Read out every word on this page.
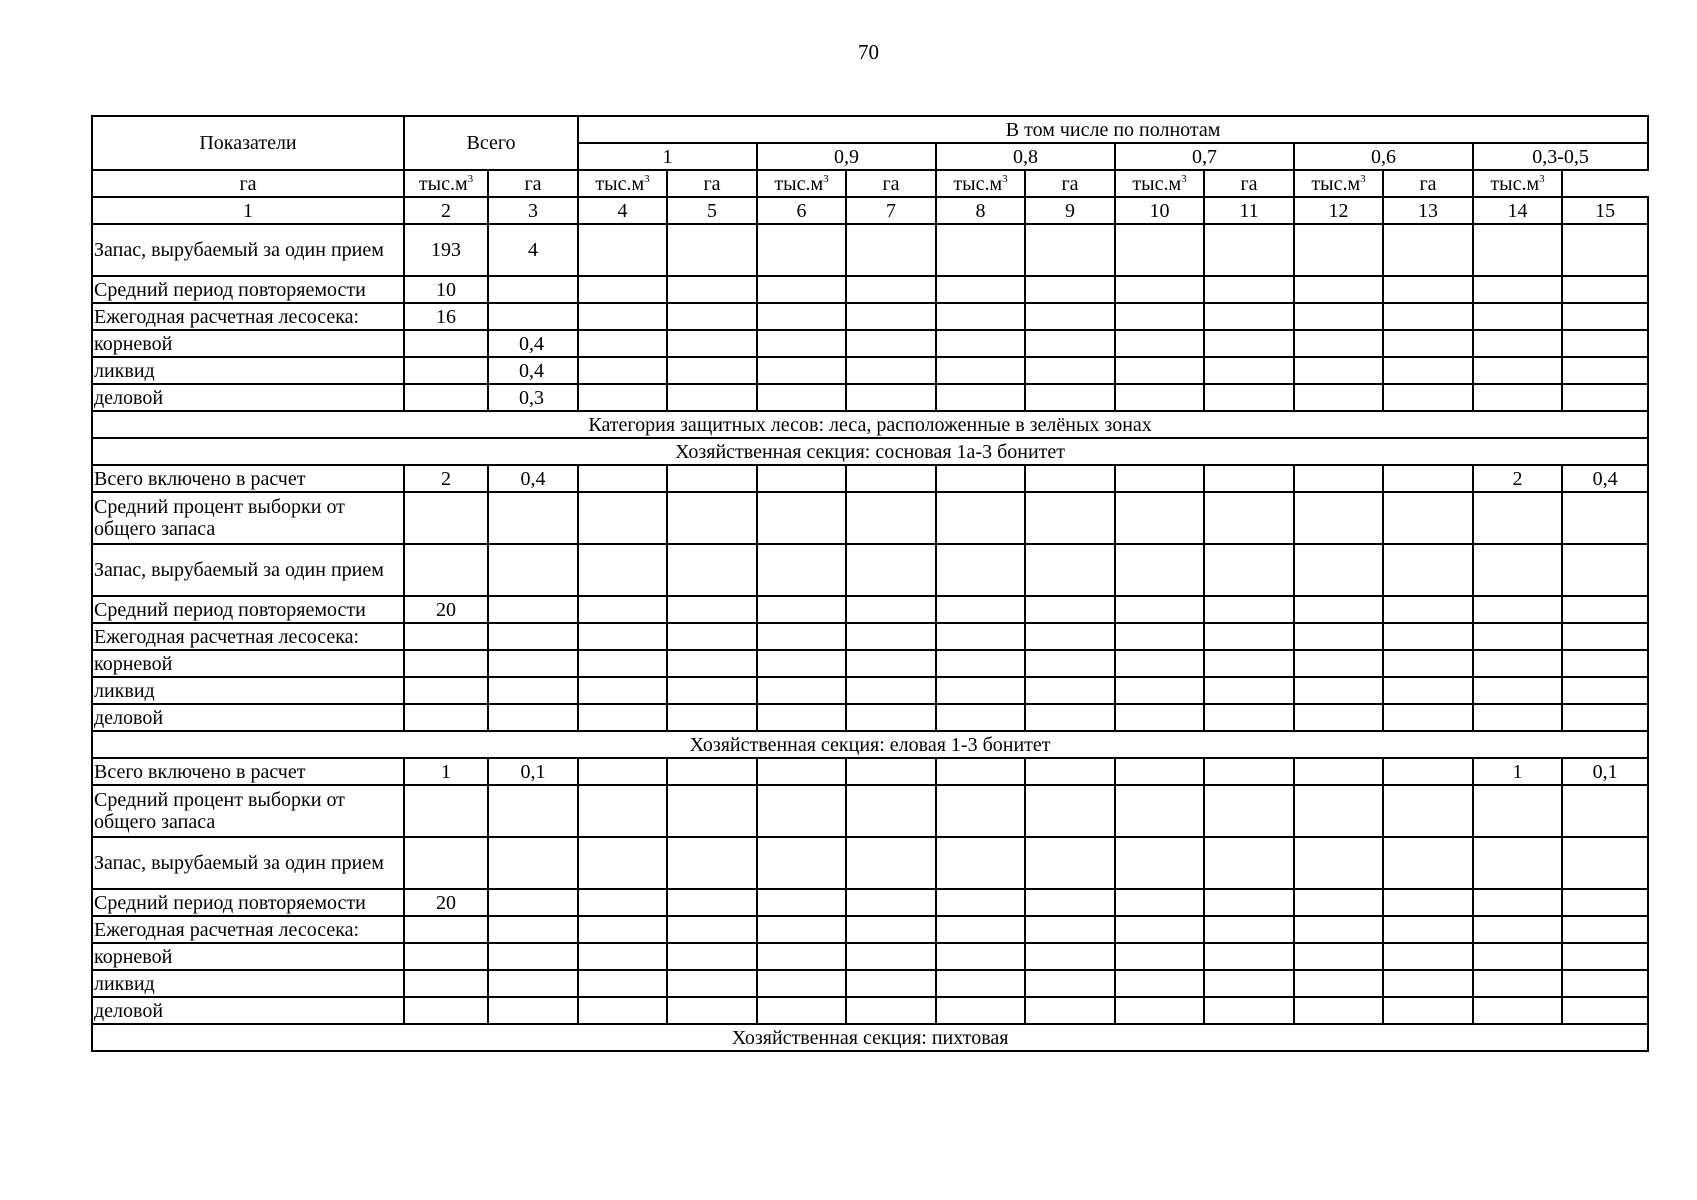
70
Показатели	Всего		В том числе по полнотам											
			1		0,9		0,8		0,7		0,6		0,3-0,5	
га	$тыс.м^3$	га	$тыс.м^3$	га	$тыс.м^3$	га	$тыс.м^3$	га	$тыс.м^3$	га	$тыс.м^3$	га	$тыс.м^3$
1	2	3	4	5	6	7	8	9	10	11	12	13	14	15
Запас, вырубаемый за один прием	193	4												
Средний период повторяемости	10													
Ежегодная расчетная лесосека:	16													
корневой		0,4												
ликвид		0,4												
деловой		0,3												
Категория защитных лесов: леса, расположенные в зелёных зонах														
Хозяйственная секция: сосновая 1а-3 бонитет														
Всего включено в расчет	2	0,4											2	0,4
Средний процент выборки от общего запаса														
Запас, вырубаемый за один прием														
Средний период повторяемости	20													
Ежегодная расчетная лесосека:														
корневой														
ликвид														
деловой														
Хозяйственная секция: еловая 1-3 бонитет														
Всего включено в расчет	1	0,1											1	0,1
Средний процент выборки от общего запаса														
Запас, вырубаемый за один прием														
Средний период повторяемости	20													
Ежегодная расчетная лесосека:														
корневой														
ликвид														
деловой														
Хозяйственная секция: пихтовая														
